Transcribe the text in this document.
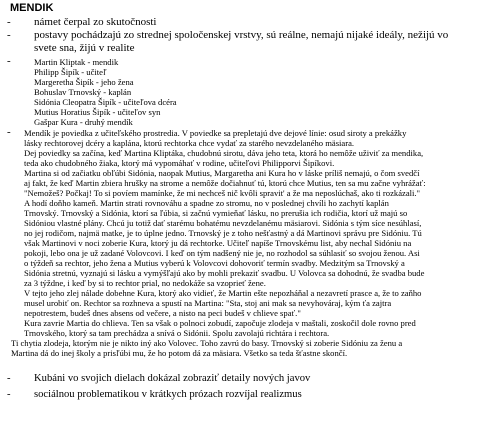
MENDIK
- námet čerpal zo skutočnosti
- postavy pochádzajú zo strednej spoločenskej vrstvy, sú reálne, nemajú nijaké ideály, nežijú vo
svete sna, žijú v realite
-	Martin Kliptak - mendik
Philipp Šipík - učiteľ
Margeretha Šipík - jeho žena
Bohuslav Trnovský - kaplán
Sidónia Cleopatra Šipík - učiteľova dcéra
Mutius Horatius Šipík - učiteľov syn
Gašpar Kura - druhý mendík
- Mendík je poviedka z učiteľského prostredia. V poviedke sa prepletajú dve dejové línie: osud siroty a prekážky
lásky rechtorovej dcéry a kaplána, ktorú rechtorka chce vydať za starého nevzdelaného mäsiara.
Dej poviedky sa začína, keď Martina Kliptáka, chudobnú sirotu, dáva jeho teta, ktorá ho nemôže uživiť za mendika,
teda ako chudobného žiaka, ktorý má vypomáhať v rodine, učiteľovi Philipporvi Šipíkovi.
Martina si od začiatku obľúbi Sidónia, naopak Mutius, Margaretha ani Kura ho v láske príliš nemajú, o čom svedčí
aj fakt, že keď Martin zbiera hrušky na strome a nemôže dočiahnuť tú, ktorú chce Mutius, ten sa mu začne vyhrážať:
"Nemožeš? Počkaj! To si povíem mamínke, že mi nechceš nič kvôli spravit' a že ma neposlúchaš, ako ti rozkázali."
A hodí doňho kameň. Martin strati rovnováhu a spadne zo stromu, no v poslednej chvíli ho zachytí kaplán
Trnovský. Trnovský a Sidónia, ktorí sa ľúbia, si začnú vymieňať lásku, no prerušia ich rodičia, ktorí už majú so
Sidóniou vlastné plány. Chcú ju totiž dať starému bohatému nevzdelanému mäsiarovi. Sidónia s tým síce nesúhlasí,
no jej rodičom, najmä matke, je to úplne jedno. Trnovský je z toho nešťastný a dá Martinovi správu pre Sidóniu. Tú
však Martinovi v noci zoberie Kura, ktorý ju dá rechtorke. Učiteľ napíše Trnovskému list, aby nechal Sidóniu na
pokoji, lebo ona je už zadané Volovcovi. I keď on tým nadšený nie je, no rozhodol sa súhlasiť so svojou ženou. Asi
o týždeň sa rechtor, jeho žena a Mutius vyberú k Volovcovi dohovoriť termín svadby. Medzitým sa Trnovský a
Sidónia stretnú, vyznajú si lásku a vymýšľajú ako by mohli prekaziť svadbu. U Volovca sa dohodnú, že svadba bude
za 3 týždne, i keď by si to rechtor prial, no nedokáže sa vzoprieť žene.
V tejto jeho zlej nálade dobehne Kura, ktorý ako vidieť, že Martin ešte nepozháňal a nezavretí prasce a, že to zaňho
musel urobiť on. Rechtor sa rozhneva a spustí na Martina: "Sta, stoj ani mak sa nevyhováraj, kým ťa zajtra
nepotrestem, budeš dnes absens od večere, a nisto na peci budeš v chlieve spať."
Kura zavrie Martia do chlieva. Ten sa však o polnoci zobudí, započuje zlodeja v maštali, zoskočil dole rovno pred
Trnovského, ktorý sa tam prechádza a snívá o Sidónii. Spolu zavolajú richtára i rechtora.
Ti chytia zlodeja, ktorým nie je nikto iný ako Volovec. Toho zavrú do basy. Trnovský si zoberie Sidóniu za ženu a
Martina dá do inej školy a prisľúbi mu, že ho potom dá za mäsiara. Všetko sa teda šťastne skončí.
- Kubáni vo svojich dielach dokázal zobraziť detaily nových javov
- sociálnou problematikou v krátkych prózach rozvíjal realizmus
